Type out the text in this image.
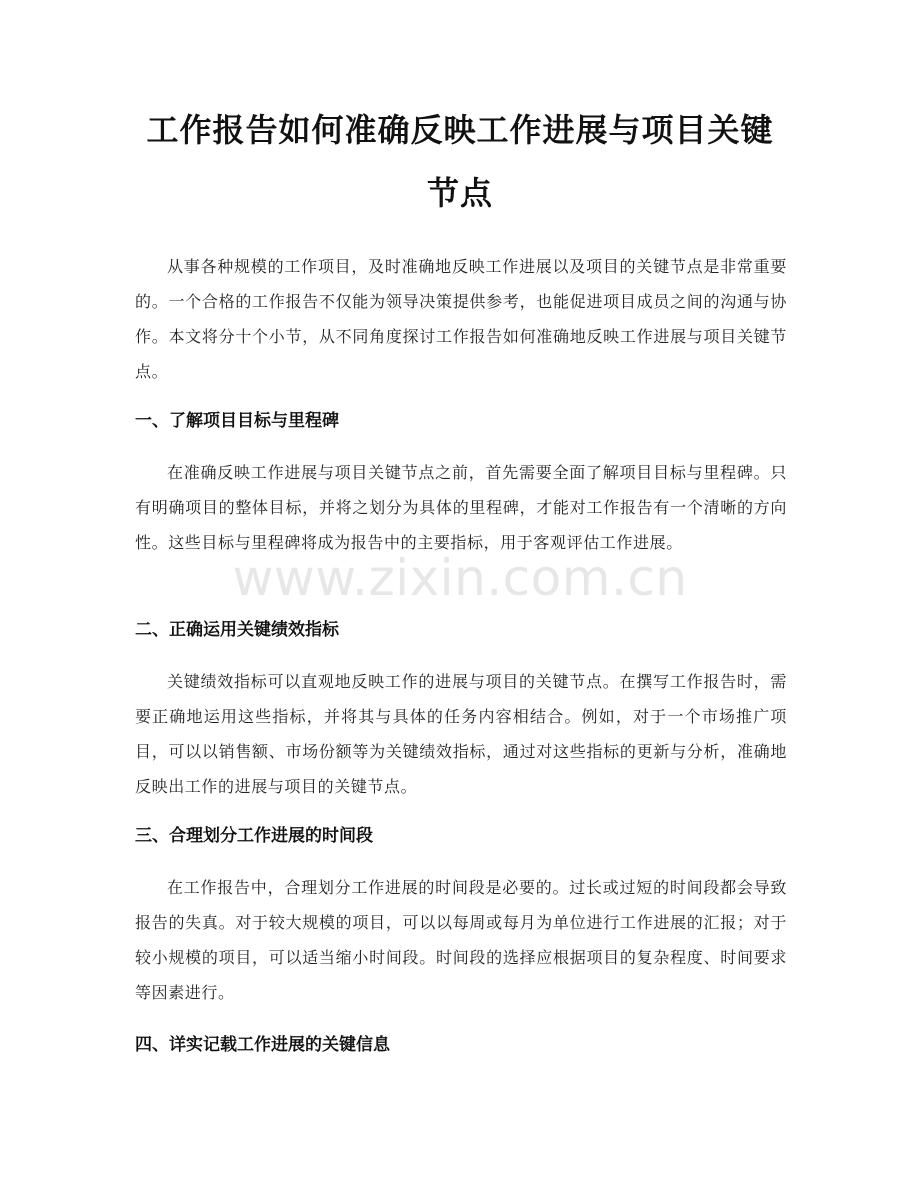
工作报告如何准确反映工作进展与项目关键
节点

从事各种规模的工作项目，及时准确地反映工作进展以及项目的关键节点是非常重要的。一个合格的工作报告不仅能为领导决策提供参考，也能促进项目成员之间的沟通与协作。本文将分十个小节，从不同角度探讨工作报告如何准确地反映工作进展与项目关键节点。

一、了解项目目标与里程碑

在准确反映工作进展与项目关键节点之前，首先需要全面了解项目目标与里程碑。只有明确项目的整体目标，并将之划分为具体的里程碑，才能对工作报告有一个清晰的方向性。这些目标与里程碑将成为报告中的主要指标，用于客观评估工作进展。

二、正确运用关键绩效指标

关键绩效指标可以直观地反映工作的进展与项目的关键节点。在撰写工作报告时，需要正确地运用这些指标，并将其与具体的任务内容相结合。例如，对于一个市场推广项目，可以以销售额、市场份额等为关键绩效指标，通过对这些指标的更新与分析，准确地反映出工作的进展与项目的关键节点。

三、合理划分工作进展的时间段

在工作报告中，合理划分工作进展的时间段是必要的。过长或过短的时间段都会导致报告的失真。对于较大规模的项目，可以以每周或每月为单位进行工作进展的汇报；对于较小规模的项目，可以适当缩小时间段。时间段的选择应根据项目的复杂程度、时间要求等因素进行。

四、详实记载工作进展的关键信息
www.zixin.com.cn
